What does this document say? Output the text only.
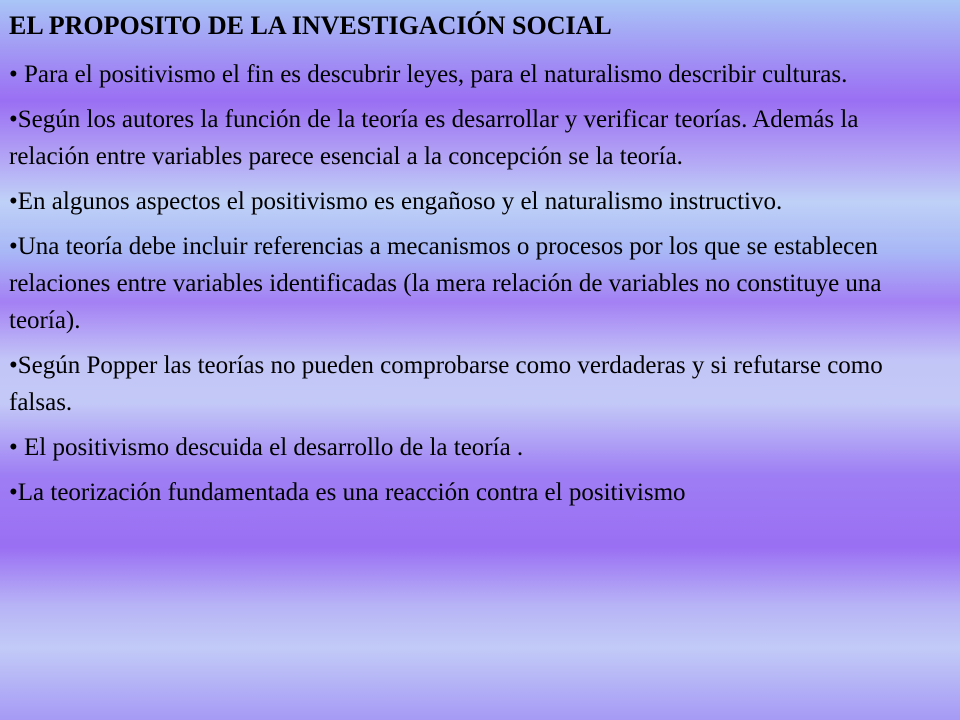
EL PROPOSITO DE LA INVESTIGACIÓN SOCIAL
• Para el positivismo el fin es descubrir leyes, para el naturalismo describir culturas.
•Según los autores la función de la teoría es desarrollar y verificar teorías. Además la relación entre variables parece esencial a la concepción se la teoría.
•En algunos aspectos el positivismo es engañoso y el naturalismo instructivo.
•Una teoría debe incluir referencias a mecanismos o procesos por los que se establecen relaciones entre variables identificadas (la mera relación de variables no constituye una teoría).
•Según Popper las teorías no pueden comprobarse como verdaderas y si refutarse como falsas.
• El positivismo descuida el desarrollo de la teoría .
•La teorización fundamentada es una reacción contra el positivismo
